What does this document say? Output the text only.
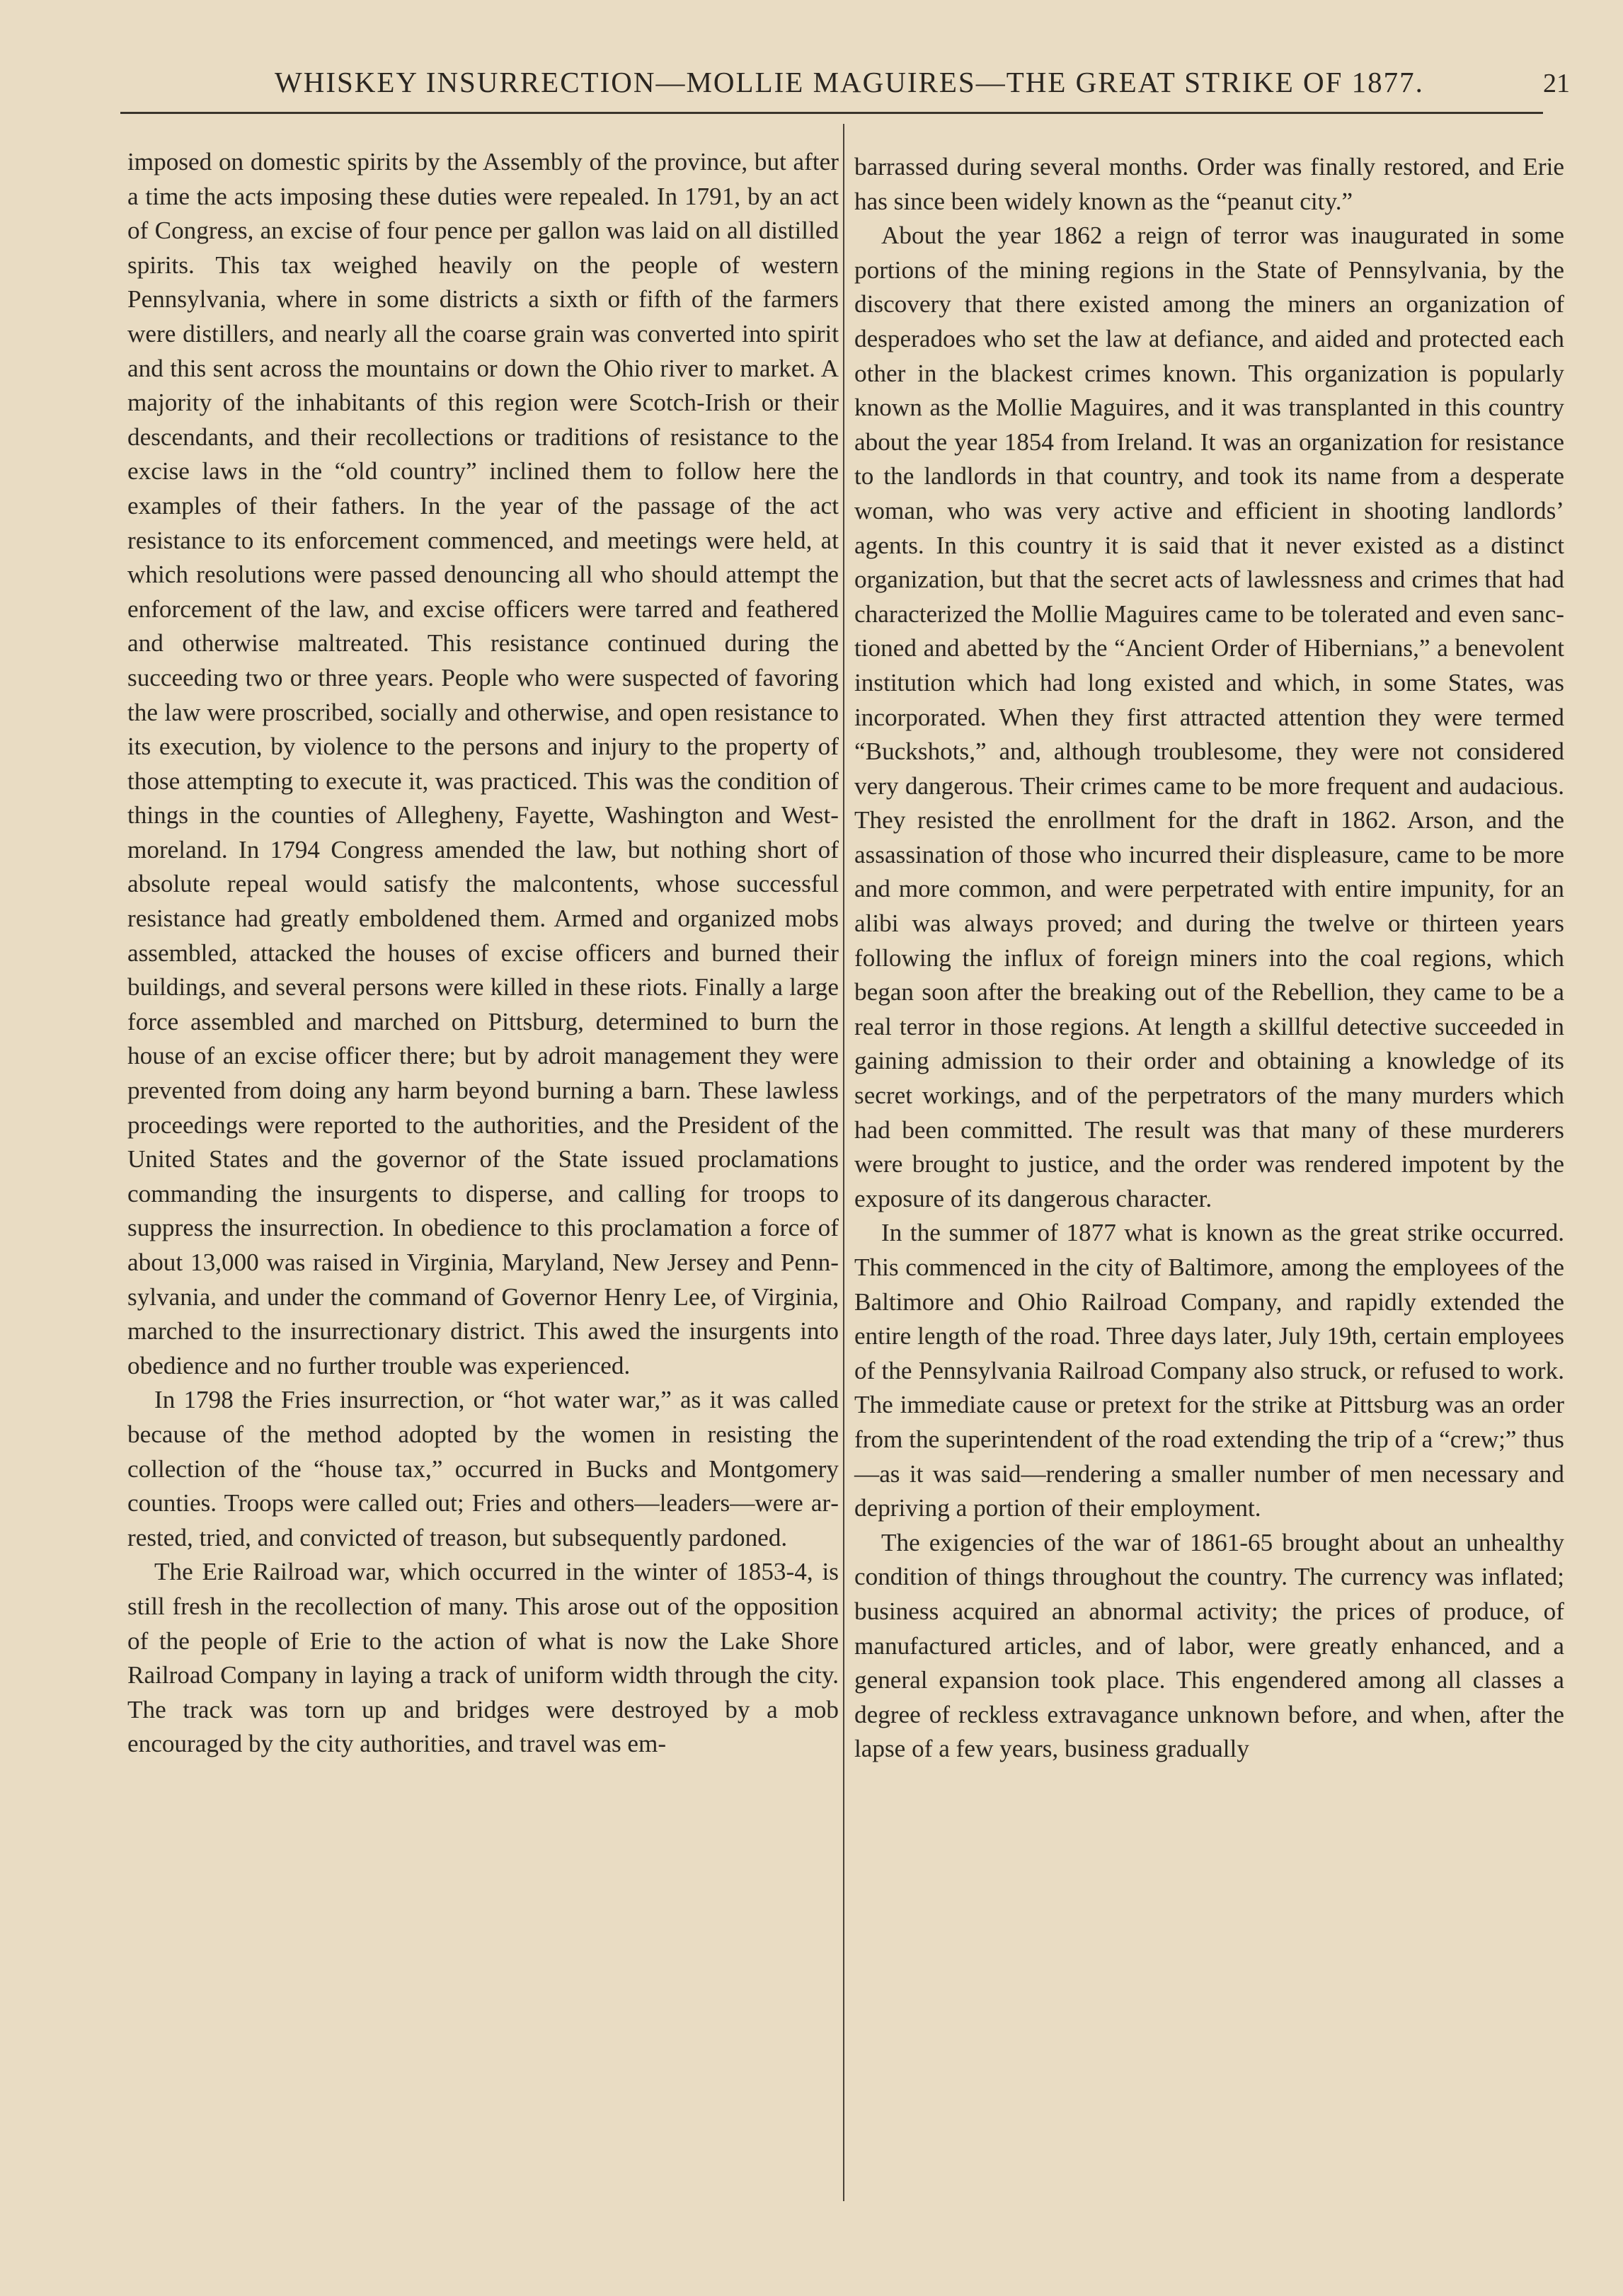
WHISKEY INSURRECTION—MOLLIE MAGUIRES—THE GREAT STRIKE OF 1877.	21

imposed on domestic spirits by the Assembly of the province, but after a time the acts imposing these duties were repealed. In 1791, by an act of Congress, an excise of four pence per gallon was laid on all distilled spirits. This tax weighed heavily on the people of western Pennsylvania, where in some districts a sixth or fifth of the farmers were distillers, and nearly all the coarse grain was converted into spirit and this sent across the mountains or down the Ohio river to market. A majority of the inhabitants of this region were Scotch-Irish or their descendants, and their recollections or traditions of resistance to the excise laws in the “old country” inclined them to follow here the examples of their fathers. In the year of the passage of the act resistance to its enforcement commenced, and meetings were held, at which resolutions were passed denouncing all who should attempt the enforcement of the law, and excise officers were tarred and feathered and otherwise maltreated. This resistance continued during the succeeding two or three years. People who were suspected of favoring the law were proscribed, socially and otherwise, and open resistance to its execution, by violence to the persons and injury to the property of those attempting to execute it, was practiced. This was the condition of things in the counties of Allegheny, Fayette, Washington and Westmoreland. In 1794 Congress amended the law, but nothing short of absolute repeal would satisfy the malcontents, whose successful resistance had greatly emboldened them. Armed and organized mobs assembled, attacked the houses of excise officers and burned their buildings, and several persons were killed in these riots. Finally a large force assembled and marched on Pittsburg, determined to burn the house of an excise officer there; but by adroit management they were prevented from doing any harm beyond burning a barn. These lawless proceedings were reported to the authorities, and the President of the United States and the governor of the State issued proclamations commanding the insurgents to disperse, and calling for troops to suppress the insurrection. In obedience to this proclamation a force of about 13,000 was raised in Virginia, Maryland, New Jersey and Pennsylvania, and under the command of Governor Henry Lee, of Virginia, marched to the insurrectionary district. This awed the insurgents into obedience and no further trouble was experienced.

In 1798 the Fries insurrection, or “hot water war,” as it was called because of the method adopted by the women in resisting the collection of the “house tax,” occurred in Bucks and Montgomery counties. Troops were called out; Fries and others—leaders—were arrested, tried, and convicted of treason, but subsequently pardoned.

The Erie Railroad war, which occurred in the winter of 1853-4, is still fresh in the recollection of many. This arose out of the opposition of the people of Erie to the action of what is now the Lake Shore Railroad Company in laying a track of uniform width through the city. The track was torn up and bridges were destroyed by a mob encouraged by the city authorities, and travel was em-

barrassed during several months. Order was finally restored, and Erie has since been widely known as the “peanut city.”

About the year 1862 a reign of terror was inaugurated in some portions of the mining regions in the State of Pennsylvania, by the discovery that there existed among the miners an organization of desperadoes who set the law at defiance, and aided and protected each other in the blackest crimes known. This organization is popularly known as the Mollie Maguires, and it was transplanted in this country about the year 1854 from Ireland. It was an organization for resistance to the landlords in that country, and took its name from a desperate woman, who was very active and efficient in shooting landlords’ agents. In this country it is said that it never existed as a distinct organization, but that the secret acts of lawlessness and crimes that had characterized the Mollie Maguires came to be tolerated and even sanctioned and abetted by the “Ancient Order of Hibernians,” a benevolent institution which had long existed and which, in some States, was incorporated. When they first attracted attention they were termed “Buckshots,” and, although troublesome, they were not considered very dangerous. Their crimes came to be more frequent and audacious. They resisted the enrollment for the draft in 1862. Arson, and the assassination of those who incurred their displeasure, came to be more and more common, and were perpetrated with entire impunity, for an alibi was always proved; and during the twelve or thirteen years following the influx of foreign miners into the coal regions, which began soon after the breaking out of the Rebellion, they came to be a real terror in those regions. At length a skillful detective succeeded in gaining admission to their order and obtaining a knowledge of its secret workings, and of the perpetrators of the many murders which had been committed. The result was that many of these murderers were brought to justice, and the order was rendered impotent by the exposure of its dangerous character.

In the summer of 1877 what is known as the great strike occurred. This commenced in the city of Baltimore, among the employees of the Baltimore and Ohio Railroad Company, and rapidly extended the entire length of the road. Three days later, July 19th, certain employees of the Pennsylvania Railroad Company also struck, or refused to work. The immediate cause or pretext for the strike at Pittsburg was an order from the superintendent of the road extending the trip of a “crew;” thus—as it was said—rendering a smaller number of men necessary and depriving a portion of their employment.

The exigencies of the war of 1861-65 brought about an unhealthy condition of things throughout the country. The currency was inflated; business acquired an abnormal activity; the prices of produce, of manufactured articles, and of labor, were greatly enhanced, and a general expansion took place. This engendered among all classes a degree of reckless extravagance unknown before, and when, after the lapse of a few years, business gradually
